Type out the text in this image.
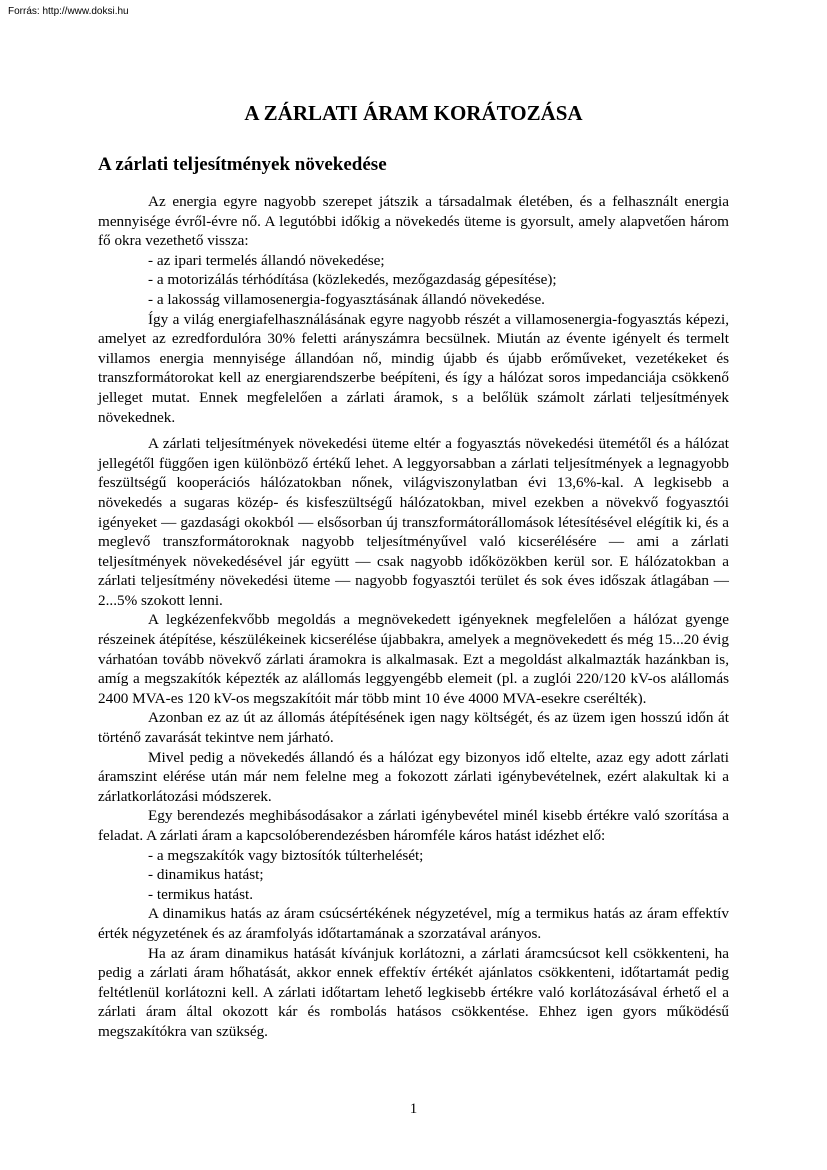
Forrás: http://www.doksi.hu
A ZÁRLATI ÁRAM KORÁTOZÁSA
A zárlati teljesítmények növekedése

Az energia egyre nagyobb szerepet játszik a társadalmak életében, és a felhasznált energia mennyisége évről-évre nő. A legutóbbi időkig a növekedés üteme is gyorsult, amely alapvetően három fő okra vezethető vissza:

- az ipari termelés állandó növekedése;

- a motorizálás térhódítása (közlekedés, mezőgazdaság gépesítése);

- a lakosság villamosenergia-fogyasztásának állandó növekedése.

Így a világ energiafelhasználásának egyre nagyobb részét a villamosenergia-fogyasztás képezi, amelyet az ezredfordulóra 30% feletti arányszámra becsülnek. Miután az évente igényelt és termelt villamos energia mennyisége állandóan nő, mindig újabb és újabb erőműveket, vezetékeket és transzformátorokat kell az energiarendszerbe beépíteni, és így a hálózat soros impedanciája csökkenő jelleget mutat. Ennek megfelelően a zárlati áramok, s a belőlük számolt zárlati teljesítmények növekednek.

A zárlati teljesítmények növekedési üteme eltér a fogyasztás növekedési ütemétől és a hálózat jellegétől függően igen különböző értékű lehet. A leggyorsabban a zárlati teljesítmények a legnagyobb feszültségű kooperációs hálózatokban nőnek, világviszonylatban évi 13,6%-kal. A legkisebb a növekedés a sugaras közép- és kisfeszültségű hálózatokban, mivel ezekben a növekvő fogyasztói igényeket — gazdasági okokból — elsősorban új transzformátorállomások létesítésével elégítik ki, és a meglevő transzformátoroknak nagyobb teljesítményűvel való kicserélésére — ami a zárlati teljesítmények növekedésével jár együtt — csak nagyobb időközökben kerül sor. E hálózatokban a zárlati teljesítmény növekedési üteme — nagyobb fogyasztói terület és sok éves időszak átlagában — 2...5% szokott lenni.

A legkézenfekvőbb megoldás a megnövekedett igényeknek megfelelően a hálózat gyenge részeinek átépítése, készülékeinek kicserélése újabbakra, amelyek a megnövekedett és még 15...20 évig várhatóan tovább növekvő zárlati áramokra is alkalmasak. Ezt a megoldást alkalmazták hazánkban is, amíg a megszakítók képezték az alállomás leggyengébb elemeit (pl. a zuglói 220/120 kV-os alállomás 2400 MVA-es 120 kV-os megszakítóit már több mint 10 éve 4000 MVA-esekre cserélték).

Azonban ez az út az állomás átépítésének igen nagy költségét, és az üzem igen hosszú időn át történő zavarását tekintve nem járható.

Mivel pedig a növekedés állandó és a hálózat egy bizonyos idő eltelte, azaz egy adott zárlati áramszint elérése után már nem felelne meg a fokozott zárlati igénybevételnek, ezért alakultak ki a zárlatkorlátozási módszerek.

Egy berendezés meghibásodásakor a zárlati igénybevétel minél kisebb értékre való szorítása a feladat. A zárlati áram a kapcsolóberendezésben háromféle káros hatást idézhet elő:

- a megszakítók vagy biztosítók túlterhelését;

- dinamikus hatást;

- termikus hatást.

A dinamikus hatás az áram csúcsértékének négyzetével, míg a termikus hatás az áram effektív érték négyzetének és az áramfolyás időtartamának a szorzatával arányos.

Ha az áram dinamikus hatását kívánjuk korlátozni, a zárlati áramcsúcsot kell csökkenteni, ha pedig a zárlati áram hőhatását, akkor ennek effektív értékét ajánlatos csökkenteni, időtartamát pedig feltétlenül korlátozni kell. A zárlati időtartam lehető legkisebb értékre való korlátozásával érhető el a zárlati áram által okozott kár és rombolás hatásos csökkentése. Ehhez igen gyors működésű megszakítókra van szükség.

1
